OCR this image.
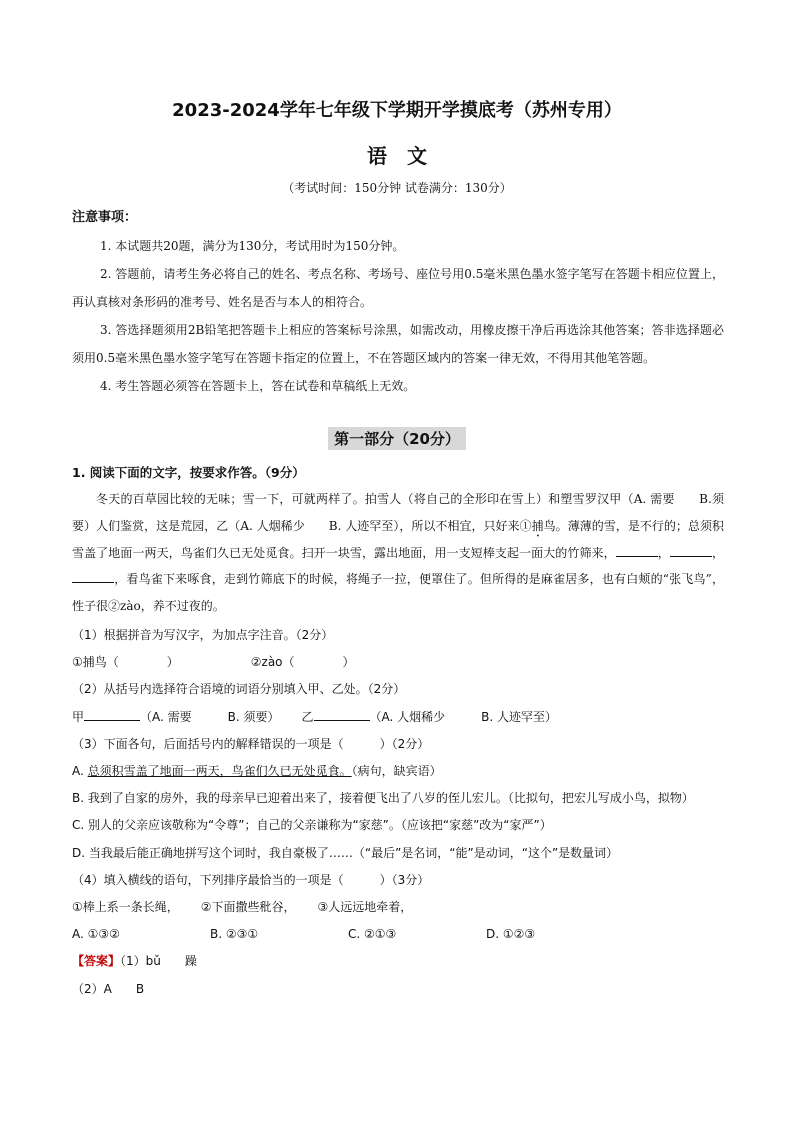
2023-2024学年七年级下学期开学摸底考（苏州专用）
语文
（考试时间：150分钟 试卷满分：130分）
注意事项：
1. 本试题共20题，满分为130分，考试用时为150分钟。
2. 答题前，请考生务必将自己的姓名、考点名称、考场号、座位号用0.5毫米黑色墨水签字笔写在答题卡相应位置上，再认真核对条形码的准考号、姓名是否与本人的相符合。
3. 答选择题须用2B铅笔把答题卡上相应的答案标号涂黑，如需改动，用橡皮擦干净后再选涂其他答案；答非选择题必须用0.5毫米黑色墨水签字笔写在答题卡指定的位置上，不在答题区域内的答案一律无效，不得用其他笔答题。
4. 考生答题必须答在答题卡上，答在试卷和草稿纸上无效。
第一部分（20分）
1. 阅读下面的文字，按要求作答。（9分）

冬天的百草园比较的无味；雪一下，可就两样了。拍雪人（将自己的全形印在雪上）和塑雪罗汉甲（A. 需要　　B.须要）人们鉴赏，这是荒园，乙（A. 人烟稀少　　B. 人迹罕至），所以不相宜，只好来①捕鸟。薄薄的雪，是不行的；总须积雪盖了地面一两天，鸟雀们久已无处觅食。扫开一块雪，露出地面，用一支短棒支起一面大的竹筛来，	，	，，看鸟雀下来啄食，走到竹筛底下的时候，将绳子一拉，便罩住了。但所得的是麻雀居多，也有白颊的“张飞鸟”，性子很②zào，养不过夜的。

（1）根据拼音为写汉字，为加点字注音。（2分）
①捕鸟（　　　　）	②zào（　　　　）
（2）从括号内选择符合语境的词语分别填入甲、乙处。（2分）
甲	（A. 需要　　　B. 须要） 乙	（A. 人烟稀少　　　B. 人迹罕至）
（3）下面各句，后面括号内的解释错误的一项是（　　　）（2分）
A. 总须积雪盖了地面一两天，鸟雀们久已无处觅食。（病句，缺宾语）
B. 我到了自家的房外，我的母亲早已迎着出来了，接着便飞出了八岁的侄儿宏儿。（比拟句，把宏儿写成小鸟，拟物）
C. 别人的父亲应该敬称为“令尊”；自己的父亲谦称为“家慈”。（应该把“家慈”改为“家严”）
D. 当我最后能正确地拼写这个词时，我自豪极了……（“最后”是名词，“能”是动词，“这个”是数量词）
（4）填入横线的语句，下列排序最恰当的一项是（　　　）（3分）
①棒上系一条长绳， ②下面撒些秕谷， ③人远远地牵着，
A. ①③②	B. ②③①	C. ②①③	D. ①②③
【答案】（1）bǔ　　躁
（2）A　　B
